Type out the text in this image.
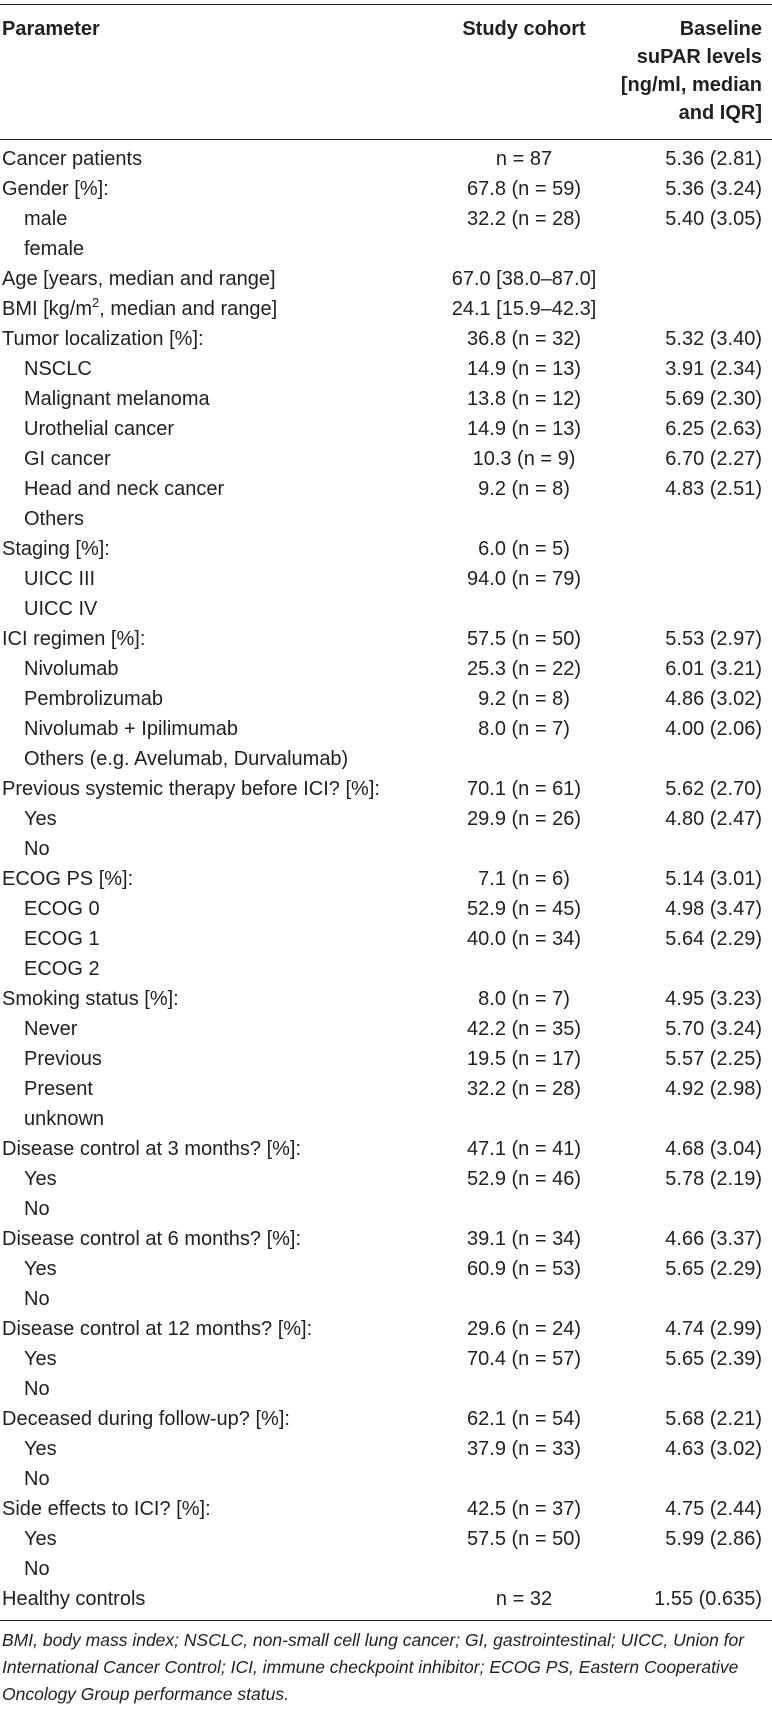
Parameter	Study cohort	Baseline
suPAR levels
[ng/ml, median
and IQR]

Cancer patients	n = 87	5.36 (2.81)
Gender [%]:	67.8 (n = 59)	5.36 (3.24)
male	32.2 (n = 28)	5.40 (3.05)
female		
Age [years, median and range]	67.0 [38.0–87.0]	
BMI [$kg/m^2$, median and range]	24.1 [15.9–42.3]	
Tumor localization [%]:	36.8 (n = 32)	5.32 (3.40)
NSCLC	14.9 (n = 13)	3.91 (2.34)
Malignant melanoma	13.8 (n = 12)	5.69 (2.30)
Urothelial cancer	14.9 (n = 13)	6.25 (2.63)
GI cancer	10.3 (n = 9)	6.70 (2.27)
Head and neck cancer	9.2 (n = 8)	4.83 (2.51)
Others		
Staging [%]:	6.0 (n = 5)	
UICC III	94.0 (n = 79)	
UICC IV		
ICI regimen [%]:	57.5 (n = 50)	5.53 (2.97)
Nivolumab	25.3 (n = 22)	6.01 (3.21)
Pembrolizumab	9.2 (n = 8)	4.86 (3.02)
Nivolumab + Ipilimumab	8.0 (n = 7)	4.00 (2.06)
Others (e.g. Avelumab, Durvalumab)		
Previous systemic therapy before ICI? [%]:	70.1 (n = 61)	5.62 (2.70)
Yes	29.9 (n = 26)	4.80 (2.47)
No		
ECOG PS [%]:	7.1 (n = 6)	5.14 (3.01)
ECOG 0	52.9 (n = 45)	4.98 (3.47)
ECOG 1	40.0 (n = 34)	5.64 (2.29)
ECOG 2		
Smoking status [%]:	8.0 (n = 7)	4.95 (3.23)
Never	42.2 (n = 35)	5.70 (3.24)
Previous	19.5 (n = 17)	5.57 (2.25)
Present	32.2 (n = 28)	4.92 (2.98)
unknown		
Disease control at 3 months? [%]:	47.1 (n = 41)	4.68 (3.04)
Yes	52.9 (n = 46)	5.78 (2.19)
No		
Disease control at 6 months? [%]:	39.1 (n = 34)	4.66 (3.37)
Yes	60.9 (n = 53)	5.65 (2.29)
No		
Disease control at 12 months? [%]:	29.6 (n = 24)	4.74 (2.99)
Yes	70.4 (n = 57)	5.65 (2.39)
No		
Deceased during follow-up? [%]:	62.1 (n = 54)	5.68 (2.21)
Yes	37.9 (n = 33)	4.63 (3.02)
No		
Side effects to ICI? [%]:	42.5 (n = 37)	4.75 (2.44)
Yes	57.5 (n = 50)	5.99 (2.86)
No		
Healthy controls	n = 32	1.55 (0.635)
BMI, body mass index; NSCLC, non-small cell lung cancer; GI, gastrointestinal; UICC, Union for International Cancer Control; ICI, immune checkpoint inhibitor; ECOG PS, Eastern Cooperative Oncology Group performance status.
